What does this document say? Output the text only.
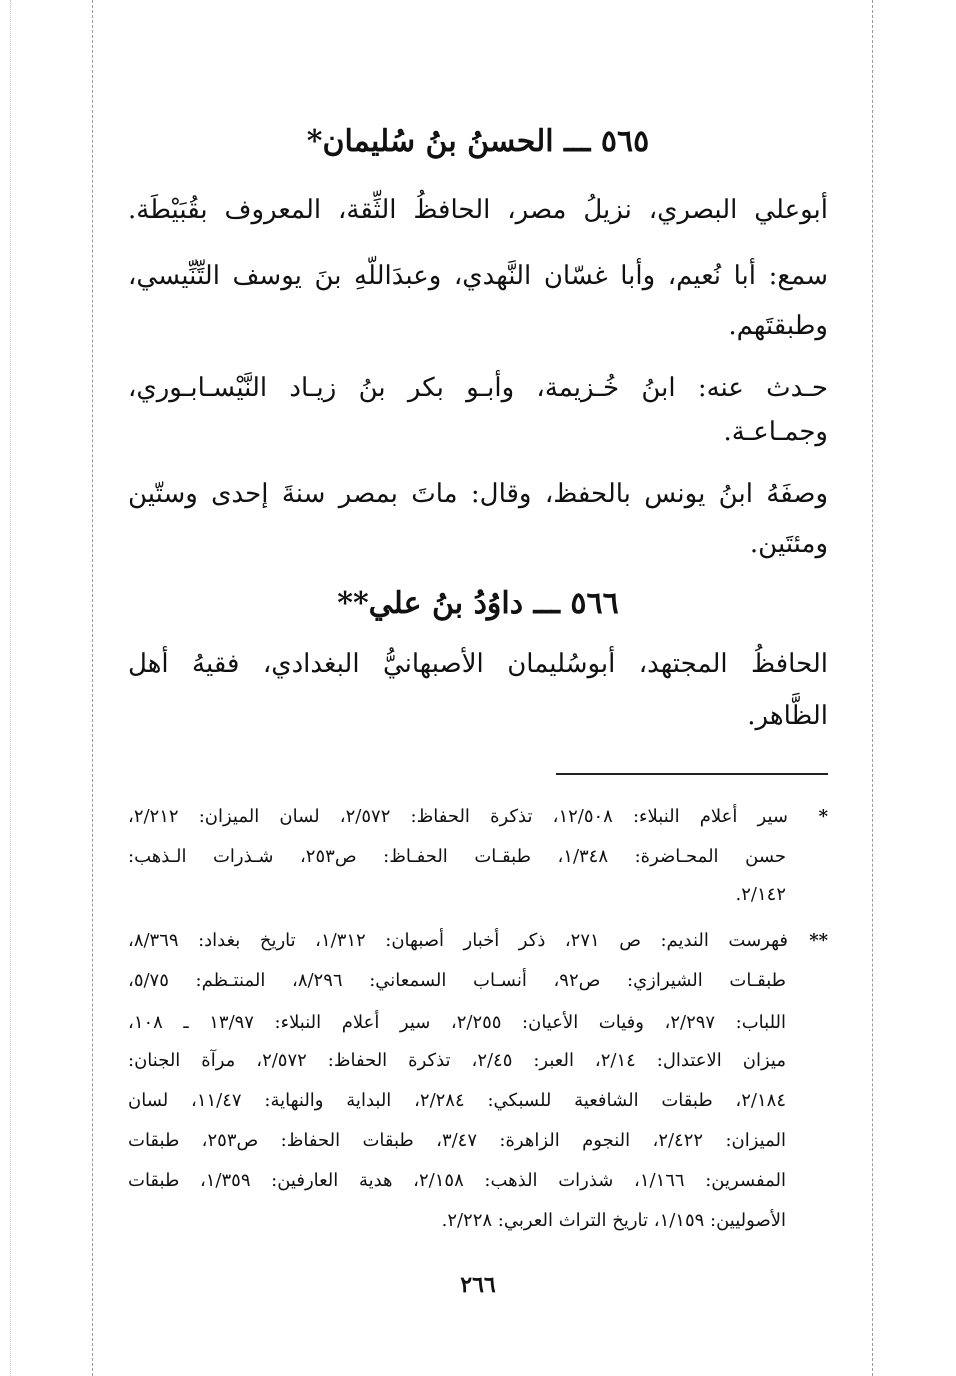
٥٦٥ ـــ الحسنُ بنُ سُليمان*
أبوعلي البصري، نزيلُ مصر، الحافظُ الثِّقة، المعروف بقُبَيْطَة.
سمع: أبا نُعيم، وأبا غسّان النَّهدي، وعبدَاللّهِ بنَ يوسف التِّنِّيسي،
وطبقتَهم.
حـدث عنه: ابنُ خُـزيمة، وأبـو بكر بنُ زيـاد النَّيْسـابـوري،
وجمـاعـة.
وصفَهُ ابنُ يونس بالحفظ، وقال: ماتَ بمصر سنةَ إحدى وستّين
ومئتَين.
٥٦٦ ـــ داوُدُ بنُ علي**
الحافظُ المجتهد، أبوسُليمان الأصبهانيُّ البغدادي، فقيهُ أهل
الظَّاهر.
*سير أعلام النبلاء: ١٢/٥٠٨، تذكرة الحفاظ: ٢/٥٧٢، لسان الميزان: ٢/٢١٢،
حسن المحـاضرة: ١/٣٤٨، طبقـات الحفـاظ: ص٢٥٣، شـذرات الـذهب:
٢/١٤٢.
**فهرست النديم: ص ٢٧١، ذكر أخبار أصبهان: ١/٣١٢، تاريخ بغداد: ٨/٣٦٩،
طبقـات الشيرازي: ص٩٢، أنسـاب السمعاني: ٨/٢٩٦، المنتـظم: ٥/٧٥،
اللباب: ٢/٢٩٧، وفيات الأعيان: ٢/٢٥٥، سير أعلام النبلاء: ١٣/٩٧ ـ ١٠٨،
ميزان الاعتدال: ٢/١٤، العبر: ٢/٤٥، تذكرة الحفاظ: ٢/٥٧٢، مرآة الجنان:
٢/١٨٤، طبقات الشافعية للسبكي: ٢/٢٨٤، البداية والنهاية: ١١/٤٧، لسان
الميزان: ٢/٤٢٢، النجوم الزاهرة: ٣/٤٧، طبقات الحفاظ: ص٢٥٣، طبقات
المفسرين: ١/١٦٦، شذرات الذهب: ٢/١٥٨، هدية العارفين: ١/٣٥٩، طبقات
الأصوليين: ١/١٥٩، تاريخ التراث العربي: ٢/٢٢٨.
٢٦٦
